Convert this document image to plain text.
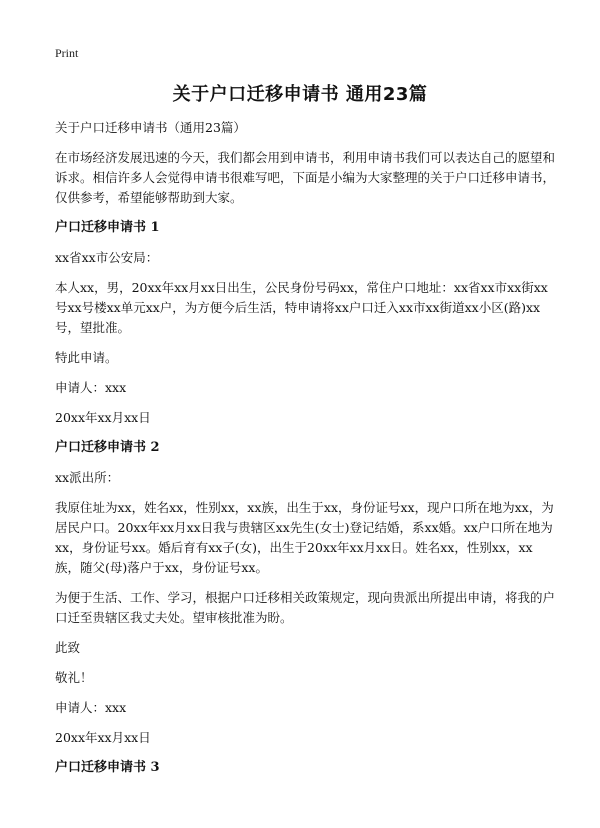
Print
关于户口迁移申请书 通用23篇

关于户口迁移申请书（通用23篇）

在市场经济发展迅速的今天，我们都会用到申请书，利用申请书我们可以表达自己的愿望和诉求。相信许多人会觉得申请书很难写吧，下面是小编为大家整理的关于户口迁移申请书，仅供参考，希望能够帮助到大家。

户口迁移申请书 1

xx省xx市公安局：

本人xx，男，20xx年xx月xx日出生，公民身份号码xx，常住户口地址：xx省xx市xx街xx号xx号楼xx单元xx户，为方便今后生活，特申请将xx户口迁入xx市xx街道xx小区(路)xx号，望批准。

特此申请。

申请人：xxx

20xx年xx月xx日

户口迁移申请书 2

xx派出所：

我原住址为xx，姓名xx，性别xx，xx族，出生于xx，身份证号xx，现户口所在地为xx，为居民户口。20xx年xx月xx日我与贵辖区xx先生(女士)登记结婚，系xx婚。xx户口所在地为xx，身份证号xx。婚后育有xx子(女)，出生于20xx年xx月xx日。姓名xx，性别xx，xx族，随父(母)落户于xx，身份证号xx。

为便于生活、工作、学习，根据户口迁移相关政策规定，现向贵派出所提出申请，将我的户口迁至贵辖区我丈夫处。望审核批准为盼。

此致

敬礼！

申请人：xxx

20xx年xx月xx日

户口迁移申请书 3
